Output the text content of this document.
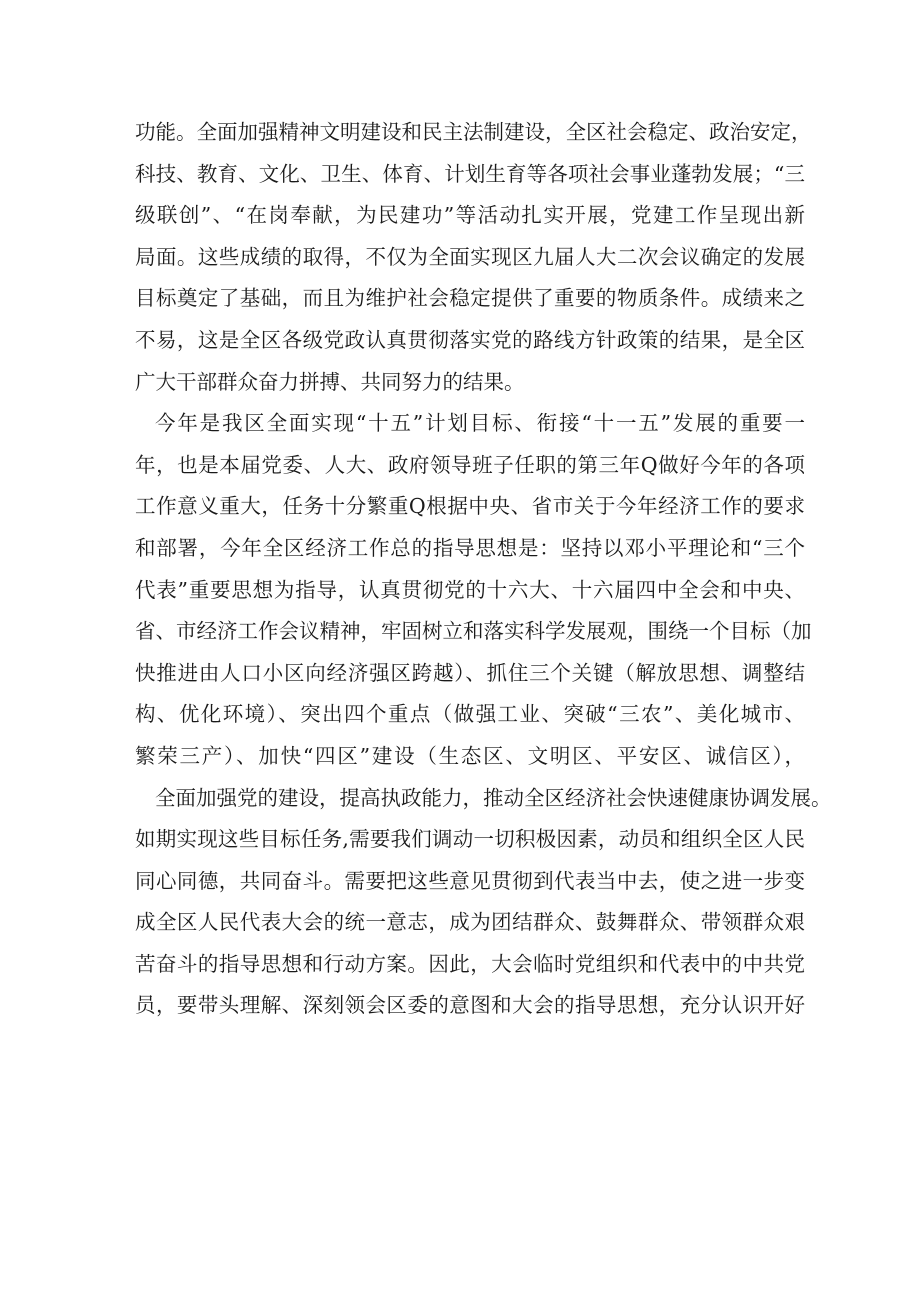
功能。全面加强精神文明建设和民主法制建设，全区社会稳定、政治安定，
科技、教育、文化、卫生、体育、计划生育等各项社会事业蓬勃发展；“三
级联创”、“在岗奉献，为民建功”等活动扎实开展，党建工作呈现出新
局面。这些成绩的取得，不仅为全面实现区九届人大二次会议确定的发展
目标奠定了基础，而且为维护社会稳定提供了重要的物质条件。成绩来之
不易，这是全区各级党政认真贯彻落实党的路线方针政策的结果，是全区
广大干部群众奋力拼搏、共同努力的结果。
今年是我区全面实现“十五”计划目标、衔接“十一五”发展的重要一
年，也是本届党委、人大、政府领导班子任职的第三年Q做好今年的各项
工作意义重大，任务十分繁重Q根据中央、省市关于今年经济工作的要求
和部署，今年全区经济工作总的指导思想是：坚持以邓小平理论和“三个
代表”重要思想为指导，认真贯彻党的十六大、十六届四中全会和中央、
省、市经济工作会议精神，牢固树立和落实科学发展观，围绕一个目标（加
快推进由人口小区向经济强区跨越）、抓住三个关键（解放思想、调整结
构、优化环境）、突出四个重点（做强工业、突破“三农”、美化城市、
繁荣三产）、加快“四区”建设（生态区、文明区、平安区、诚信区），
全面加强党的建设，提高执政能力，推动全区经济社会快速健康协调发展。
如期实现这些目标任务,需要我们调动一切积极因素，动员和组织全区人民
同心同德，共同奋斗。需要把这些意见贯彻到代表当中去，使之进一步变
成全区人民代表大会的统一意志，成为团结群众、鼓舞群众、带领群众艰
苦奋斗的指导思想和行动方案。因此，大会临时党组织和代表中的中共党
员，要带头理解、深刻领会区委的意图和大会的指导思想，充分认识开好
